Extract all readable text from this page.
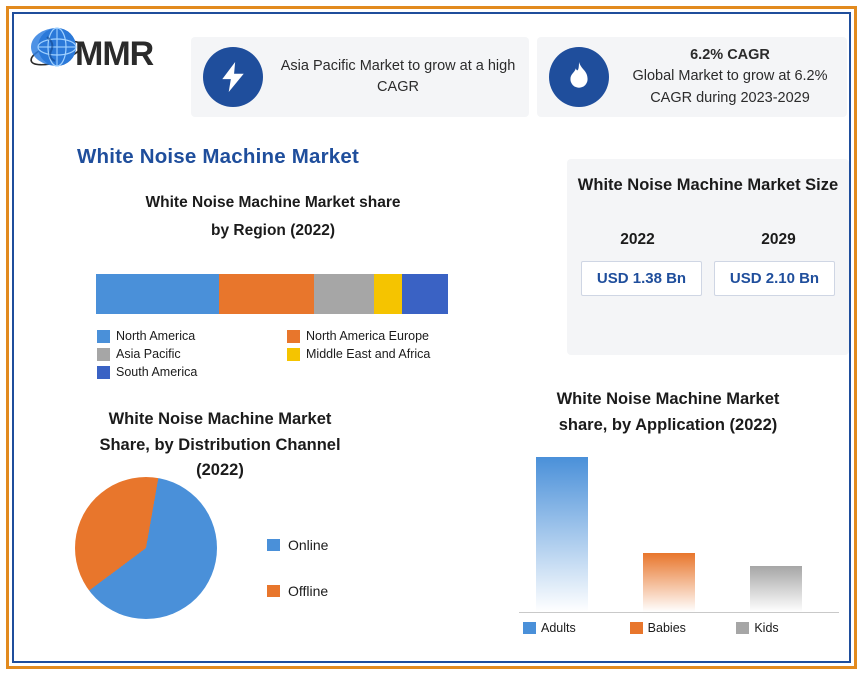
MMR	Asia Pacific Market to grow at a high CAGR
6.2% CAGR
Global Market to grow at 6.2% CAGR during 2023-2029
White Noise Machine Market
White Noise Machine Market share
by Region (2022)
North America	North America Europe
Asia Pacific	Middle East and Africa
South America
White Noise Machine Market Size
2022	2029
USD 1.38 Bn	USD 2.10 Bn
White Noise Machine Market
Share, by Distribution Channel
(2022)
Online
Offline
White Noise Machine Market
share, by Application (2022)
Adults	Babies	Kids
